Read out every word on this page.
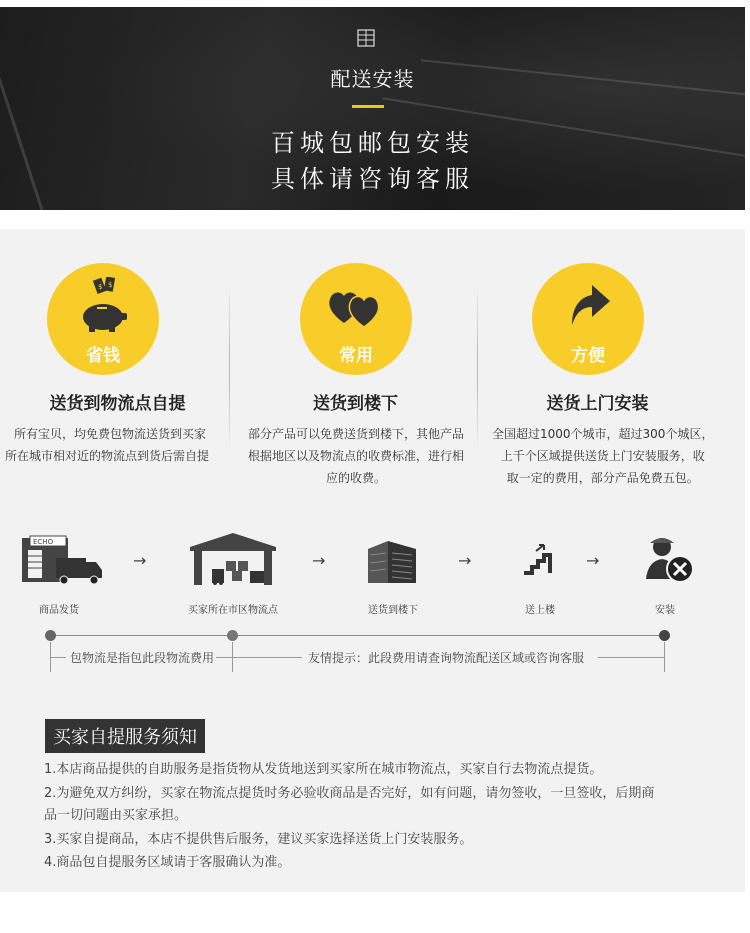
配送安装
百城包邮包安装
具体请咨询客服
$ $
省钱
送货到物流点自提
所有宝贝，均免费包物流送货到买家
所在城市相对近的物流点到货后需自提
常用
送货到楼下
部分产品可以免费送货到楼下，其他产品
根据地区以及物流点的收费标准，进行相
应的收费。
方便
送货上门安装
全国超过1000个城市，超过300个城区，
上千个区域提供送货上门安装服务，收
取一定的费用，部分产品免费五包。
ECHO
商品发货
→
买家所在市区物流点
→
送货到楼下
→
送上楼
→
安装
包物流是指包此段物流费用	友情提示：此段费用请查询物流配送区域或咨询客服
买家自提服务须知
1.本店商品提供的自助服务是指货物从发货地送到买家所在城市物流点，买家自行去物流点提货。
2.为避免双方纠纷，买家在物流点提货时务必验收商品是否完好，如有问题，请勿签收，一旦签收，后期商
品一切问题由买家承担。
3.买家自提商品，本店不提供售后服务，建议买家选择送货上门安装服务。
4.商品包自提服务区域请于客服确认为准。
